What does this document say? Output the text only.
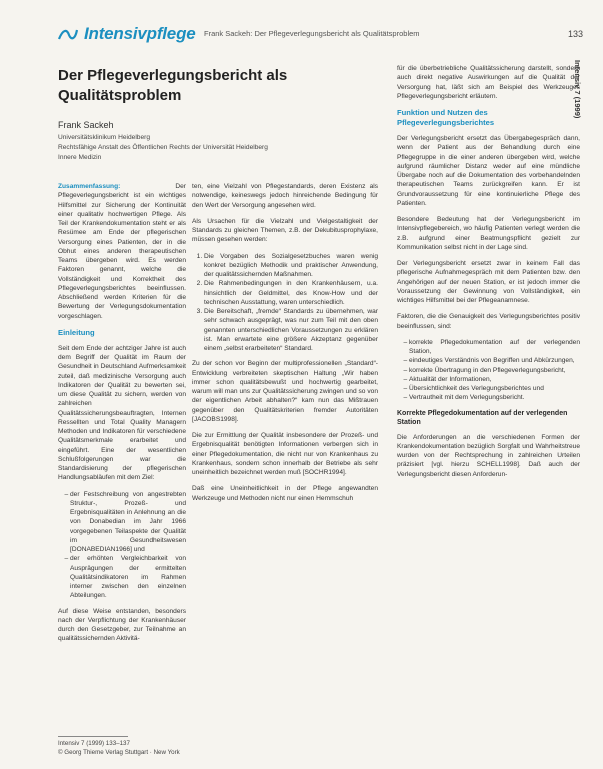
Intensivpflege Frank Sackeh: Der Pflegeverlegungsbericht als Qualitätsproblem	133
Intensiv 7 (1999)
Der Pflegeverlegungsbericht als Qualitätsproblem
Frank Sackeh
Universitätsklinikum Heidelberg
Rechtsfähige Anstalt des Öffentlichen Rechts der Universität Heidelberg
Innere Medizin

Zusammenfassung:	Der Pflegeverlegungsbericht ist ein wichtiges Hilfsmittel zur Sicherung der Kontinuität einer qualitativ hochwertigen Pflege. Als Teil der Krankendokumentation steht er als Resümee am Ende der pflegerischen Versorgung eines Patienten, der in die Obhut eines anderen therapeutischen Teams übergeben wird. Es werden Faktoren genannt, welche die Vollständigkeit und Korrektheit des Pflegeverlegungsberichtes beeinflussen. Abschließend werden Kriterien für die Bewertung der Verlegungsdokumentation vorgeschlagen.

Einleitung

Seit dem Ende der achtziger Jahre ist auch dem Begriff der Qualität im Raum der Gesundheit in Deutschland Aufmerksamkeit zuteil, daß medizinische Versorgung auch Indikatoren der Qualität zu bewerten sei, um diese Qualität zu sichern, werden von zahlreichen Qualitätssicherungsbeauftragten, Internen Ressellten und Total Quality Managern Methoden und Indikatoren für verschiedene Qualitätsmerkmale erarbeitet und eingeführt. Eine der wesentlichen Schlußfolgerungen war die Standardisierung der pflegerischen Handlungsabläufen mit dem Ziel:

– der Festschreibung von angestrebten Struktur-, Prozeß- und Ergebnisqualitäten in Anlehnung an die von Donabedian im Jahr 1966 vorgegebenen Teilaspekte der Qualität im Gesundheitswesen [DONABEDIAN1966] und
– der erhöhten Vergleichbarkeit von Ausprägungen der ermittelten Qualitätsindikatoren im Rahmen interner zwischen den einzelnen Abteilungen.

Auf diese Weise entstanden, besonders nach der Verpflichtung der Krankenhäuser durch den Gesetzgeber, zur Teilnahme an qualitätssichernden Aktivitä-

ten, eine Vielzahl von Pflegestandards, deren Existenz als notwendige, keineswegs jedoch hinreichende Bedingung für den Wert der Versorgung angesehen wird.

Als Ursachen für die Vielzahl und Vielgestaltigkeit der Standards zu gleichen Themen, z.B. der Dekubitusprophylaxe, müssen gesehen werden:

1. Die Vorgaben des Sozialgesetzbuches waren wenig konkret bezüglich Methodik und praktischer Anwendung, der qualitätssichernden Maßnahmen.
2. Die Rahmenbedingungen in den Krankenhäusern, u.a. hinsichtlich der Geldmittel, des Know-How und der technischen Ausstattung, waren unterschiedlich.
3. Die Bereitschaft, „fremde“ Standards zu übernehmen, war sehr schwach ausgeprägt, was nur zum Teil mit den oben genannten unterschiedlichen Voraussetzungen zu erklären ist. Man erwartete eine größere Akzeptanz gegenüber einem „selbst erarbeiteten“ Standard.

Zu der schon vor Beginn der multiprofessionellen „Standard“-Entwicklung verbreiteten skeptischen Haltung „Wir haben immer schon qualitätsbewußt und hochwertig gearbeitet, warum will man uns zur Qualitätssicherung zwingen und so von der eigentlichen Arbeit abhalten?“ kam nun das Mißtrauen gegenüber den Qualitätskriterien fremder Autoritäten [JACOBS1998].

Die zur Ermittlung der Qualität insbesondere der Prozeß- und Ergebnisqualität benötigten Informationen verbergen sich in einer Pflegedokumentation, die nicht nur von Krankenhaus zu Krankenhaus, sondern schon innerhalb der Betriebe als sehr uneinheitlich bezeichnet werden muß [SOCHR1994].

Daß eine Uneinheitlichkeit in der Pflege angewandten Werkzeuge und Methoden nicht nur einen Hemmschuh

für die überbetriebliche Qualitätssicherung darstellt, sondern auch direkt negative Auswirkungen auf die Qualität der Versorgung hat, läßt sich am Beispiel des Werkzeuges Pflegeverlegungsbericht erläutern.

Funktion und Nutzen des Pflegeverlegungsberichtes

Der Verlegungsbericht ersetzt das Übergabegespräch dann, wenn der Patient aus der Behandlung durch eine Pflegegruppe in die einer anderen übergeben wird, welche aufgrund räumlicher Distanz weder auf eine mündliche Übergabe noch auf die Dokumentation des vorbehandelnden therapeutischen Teams zurückgreifen kann. Er ist Grundvoraussetzung für eine kontinuierliche Pflege des Patienten.

Besondere Bedeutung hat der Verlegungsbericht im Intensivpflegebereich, wo häufig Patienten verlegt werden die z.B. aufgrund einer Beatmungspflicht gezielt zur Kommunikation selbst nicht in der Lage sind.

Der Verlegungsbericht ersetzt zwar in keinem Fall das pflegerische Aufnahmegespräch mit dem Patienten bzw. den Angehörigen auf der neuen Station, er ist jedoch immer die Voraussetzung der Gewinnung von Vollständigkeit, ein wichtiges Hilfsmittel bei der Pflegeanamnese.

Faktoren, die die Genauigkeit des Verlegungsberichtes positiv beeinflussen, sind:

– korrekte Pflegedokumentation auf der verlegenden Station,
– eindeutiges Verständnis von Begriffen und Abkürzungen,
– korrekte Übertragung in den Pflegeverlegungsbericht,
– Aktualität der Informationen,
– Übersichtlichkeit des Verlegungsberichtes und
– Vertrautheit mit dem Verlegungsbericht.
Korrekte Pflegedokumentation auf der verlegenden Station

Die Anforderungen an die verschiedenen Formen der Krankendokumentation bezüglich Sorgfalt und Wahrheitstreue wurden von der Rechtsprechung in zahlreichen Urteilen präzisiert [vgl. hierzu SCHELL1998]. Daß auch der Verlegungsbericht diesen Anforderun-

Intensiv 7 (1999) 133–137
© Georg Thieme Verlag Stuttgart · New York
